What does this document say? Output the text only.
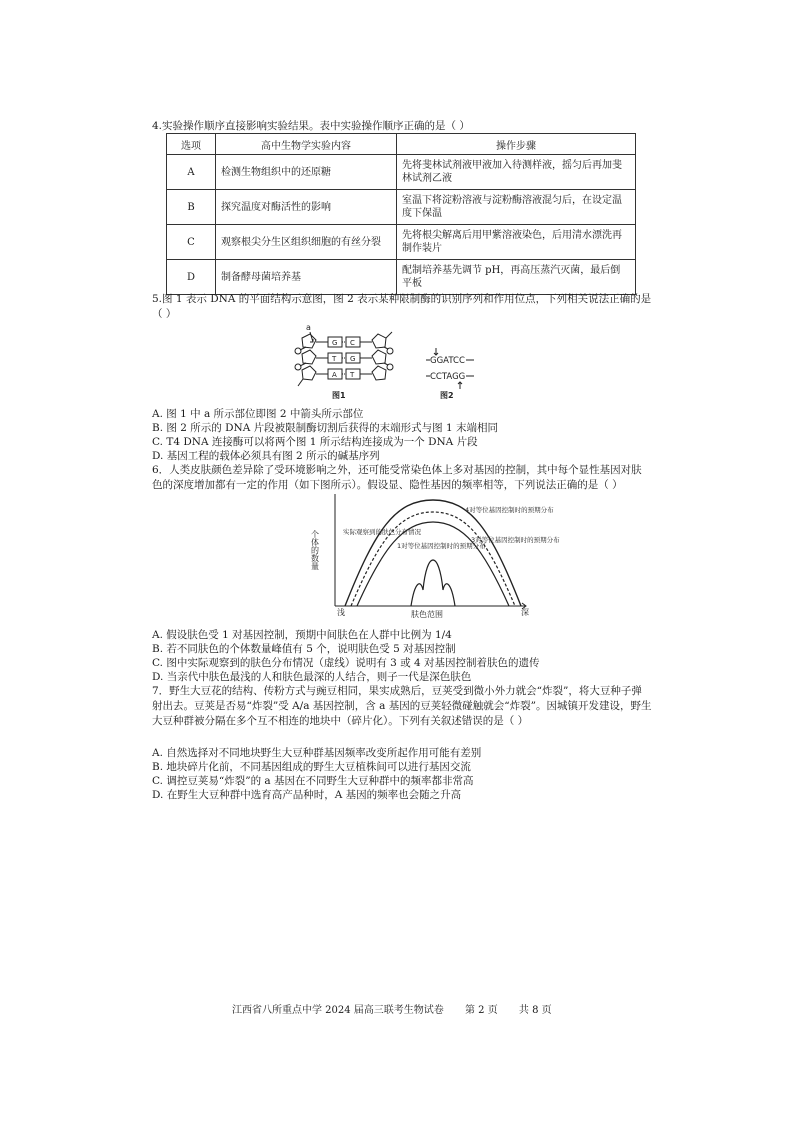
4.实验操作顺序直接影响实验结果。表中实验操作顺序正确的是（ ）
选项	高中生物学实验内容	操作步骤
A	检测生物组织中的还原糖	先将斐林试剂液甲液加入待测样液，摇匀后再加斐林试剂乙液
B	探究温度对酶活性的影响	室温下将淀粉溶液与淀粉酶溶液混匀后，在设定温度下保温
C	观察根尖分生区组织细胞的有丝分裂	先将根尖解离后用甲紫溶液染色，后用清水漂洗再制作装片
D	制备酵母菌培养基	配制培养基先调节 pH，再高压蒸汽灭菌，最后倒平板
5.图 1 表示 DNA 的平面结构示意图，图 2 表示某种限制酶的识别序列和作用位点，下列相关说法正确的是（ ）
a
G C
T G
A T
图1
GGATCC
CCTAGG
图2
A. 图 1 中 a 所示部位即图 2 中箭头所示部位
B. 图 2 所示的 DNA 片段被限制酶切割后获得的末端形式与图 1 末端相同
C. T4 DNA 连接酶可以将两个图 1 所示结构连接成为一个 DNA 片段
D. 基因工程的载体必须具有图 2 所示的碱基序列
6．人类皮肤颜色差异除了受环境影响之外，还可能受常染色体上多对基因的控制，其中每个显性基因对肤色的深度增加都有一定的作用（如下图所示）。假设显、隐性基因的频率相等，下列说法正确的是（ ）
个体的数量
浅	深
肤色范围
实际观察到的肤色分布情况
4对等位基因控制时的预期分布
3对等位基因控制时的预期分布
1对等位基因控制时的预期分布
A. 假设肤色受 1 对基因控制，预期中间肤色在人群中比例为 1/4
B. 若不同肤色的个体数量峰值有 5 个，说明肤色受 5 对基因控制
C. 图中实际观察到的肤色分布情况（虚线）说明有 3 或 4 对基因控制着肤色的遗传
D. 当亲代中肤色最浅的人和肤色最深的人结合，则子一代是深色肤色
7．野生大豆花的结构、传粉方式与豌豆相同，果实成熟后，豆荚受到微小外力就会“炸裂”，将大豆种子弹射出去。豆荚是否易“炸裂”受 A/a 基因控制，含 a 基因的豆荚轻微碰触就会“炸裂”。因城镇开发建设，野生大豆种群被分隔在多个互不相连的地块中（碎片化）。下列有关叙述错误的是（ ）
A. 自然选择对不同地块野生大豆种群基因频率改变所起作用可能有差别
B. 地块碎片化前，不同基因组成的野生大豆植株间可以进行基因交流
C. 调控豆荚易“炸裂”的 a 基因在不同野生大豆种群中的频率都非常高
D. 在野生大豆种群中选育高产品种时，A 基因的频率也会随之升高
江西省八所重点中学 2024 届高三联考生物试卷 第 2 页 共 8 页
